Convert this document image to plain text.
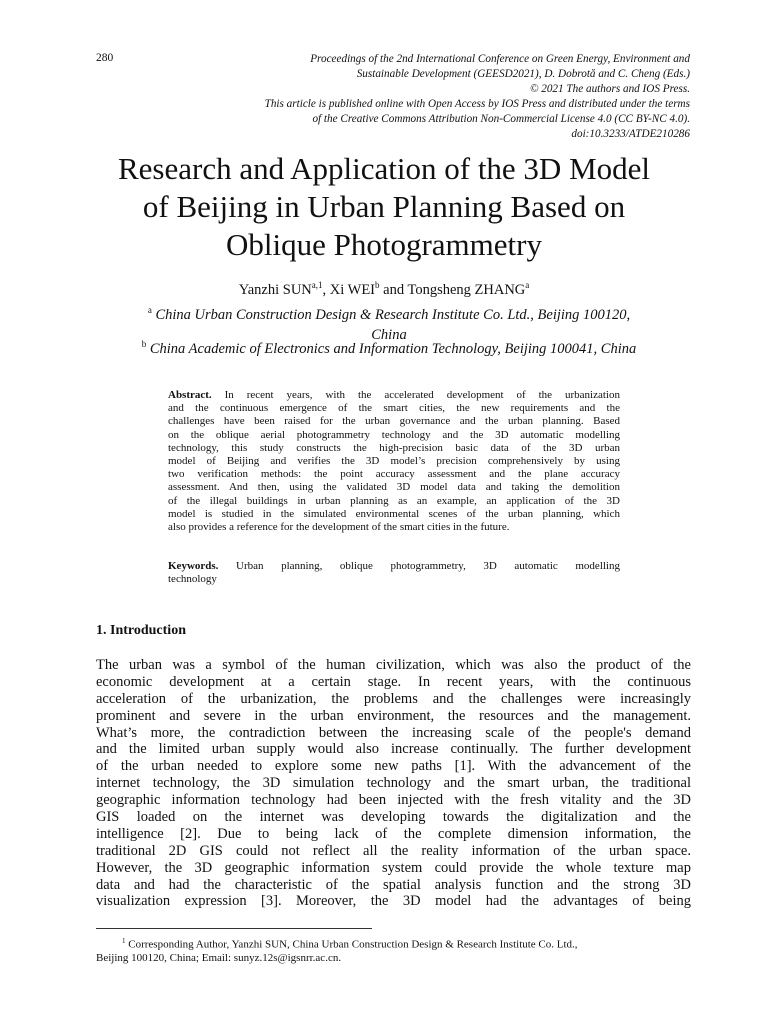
280	Proceedings of the 2nd International Conference on Green Energy, Environment and
Sustainable Development (GEESD2021), D. Dobrotă and C. Cheng (Eds.)
© 2021 The authors and IOS Press.
This article is published online with Open Access by IOS Press and distributed under the terms
of the Creative Commons Attribution Non-Commercial License 4.0 (CC BY-NC 4.0).
doi:10.3233/ATDE210286
Research and Application of the 3D Model
of Beijing in Urban Planning Based on
Oblique Photogrammetry
Yanzhi SUN$^{a,1}$, Xi WEI$^b$ and Tongsheng ZHANG$^a$
$^a$ China Urban Construction Design & Research Institute Co. Ltd., Beijing 100120,
China
$^b$ China Academic of Electronics and Information Technology, Beijing 100041, China
Abstract. In recent years, with the accelerated development of the urbanization
and the continuous emergence of the smart cities, the new requirements and the
challenges have been raised for the urban governance and the urban planning. Based
on the oblique aerial photogrammetry technology and the 3D automatic modelling
technology, this study constructs the high-precision basic data of the 3D urban
model of Beijing and verifies the 3D model’s precision comprehensively by using
two verification methods: the point accuracy assessment and the plane accuracy
assessment. And then, using the validated 3D model data and taking the demolition
of the illegal buildings in urban planning as an example, an application of the 3D
model is studied in the simulated environmental scenes of the urban planning, which
also provides a reference for the development of the smart cities in the future.
Keywords. Urban planning, oblique photogrammetry, 3D automatic modelling
technology
1. Introduction
The urban was a symbol of the human civilization, which was also the product of the
economic development at a certain stage. In recent years, with the continuous
acceleration of the urbanization, the problems and the challenges were increasingly
prominent and severe in the urban environment, the resources and the management.
What’s more, the contradiction between the increasing scale of the people's demand
and the limited urban supply would also increase continually. The further development
of the urban needed to explore some new paths [1]. With the advancement of the
internet technology, the 3D simulation technology and the smart urban, the traditional
geographic information technology had been injected with the fresh vitality and the 3D
GIS loaded on the internet was developing towards the digitalization and the
intelligence [2]. Due to being lack of the complete dimension information, the
traditional 2D GIS could not reflect all the reality information of the urban space.
However, the 3D geographic information system could provide the whole texture map
data and had the characteristic of the spatial analysis function and the strong 3D
visualization expression [3]. Moreover, the 3D model had the advantages of being
$^1$ Corresponding Author, Yanzhi SUN, China Urban Construction Design & Research Institute Co. Ltd.,
Beijing 100120, China; Email: sunyz.12s@igsnrr.ac.cn.
